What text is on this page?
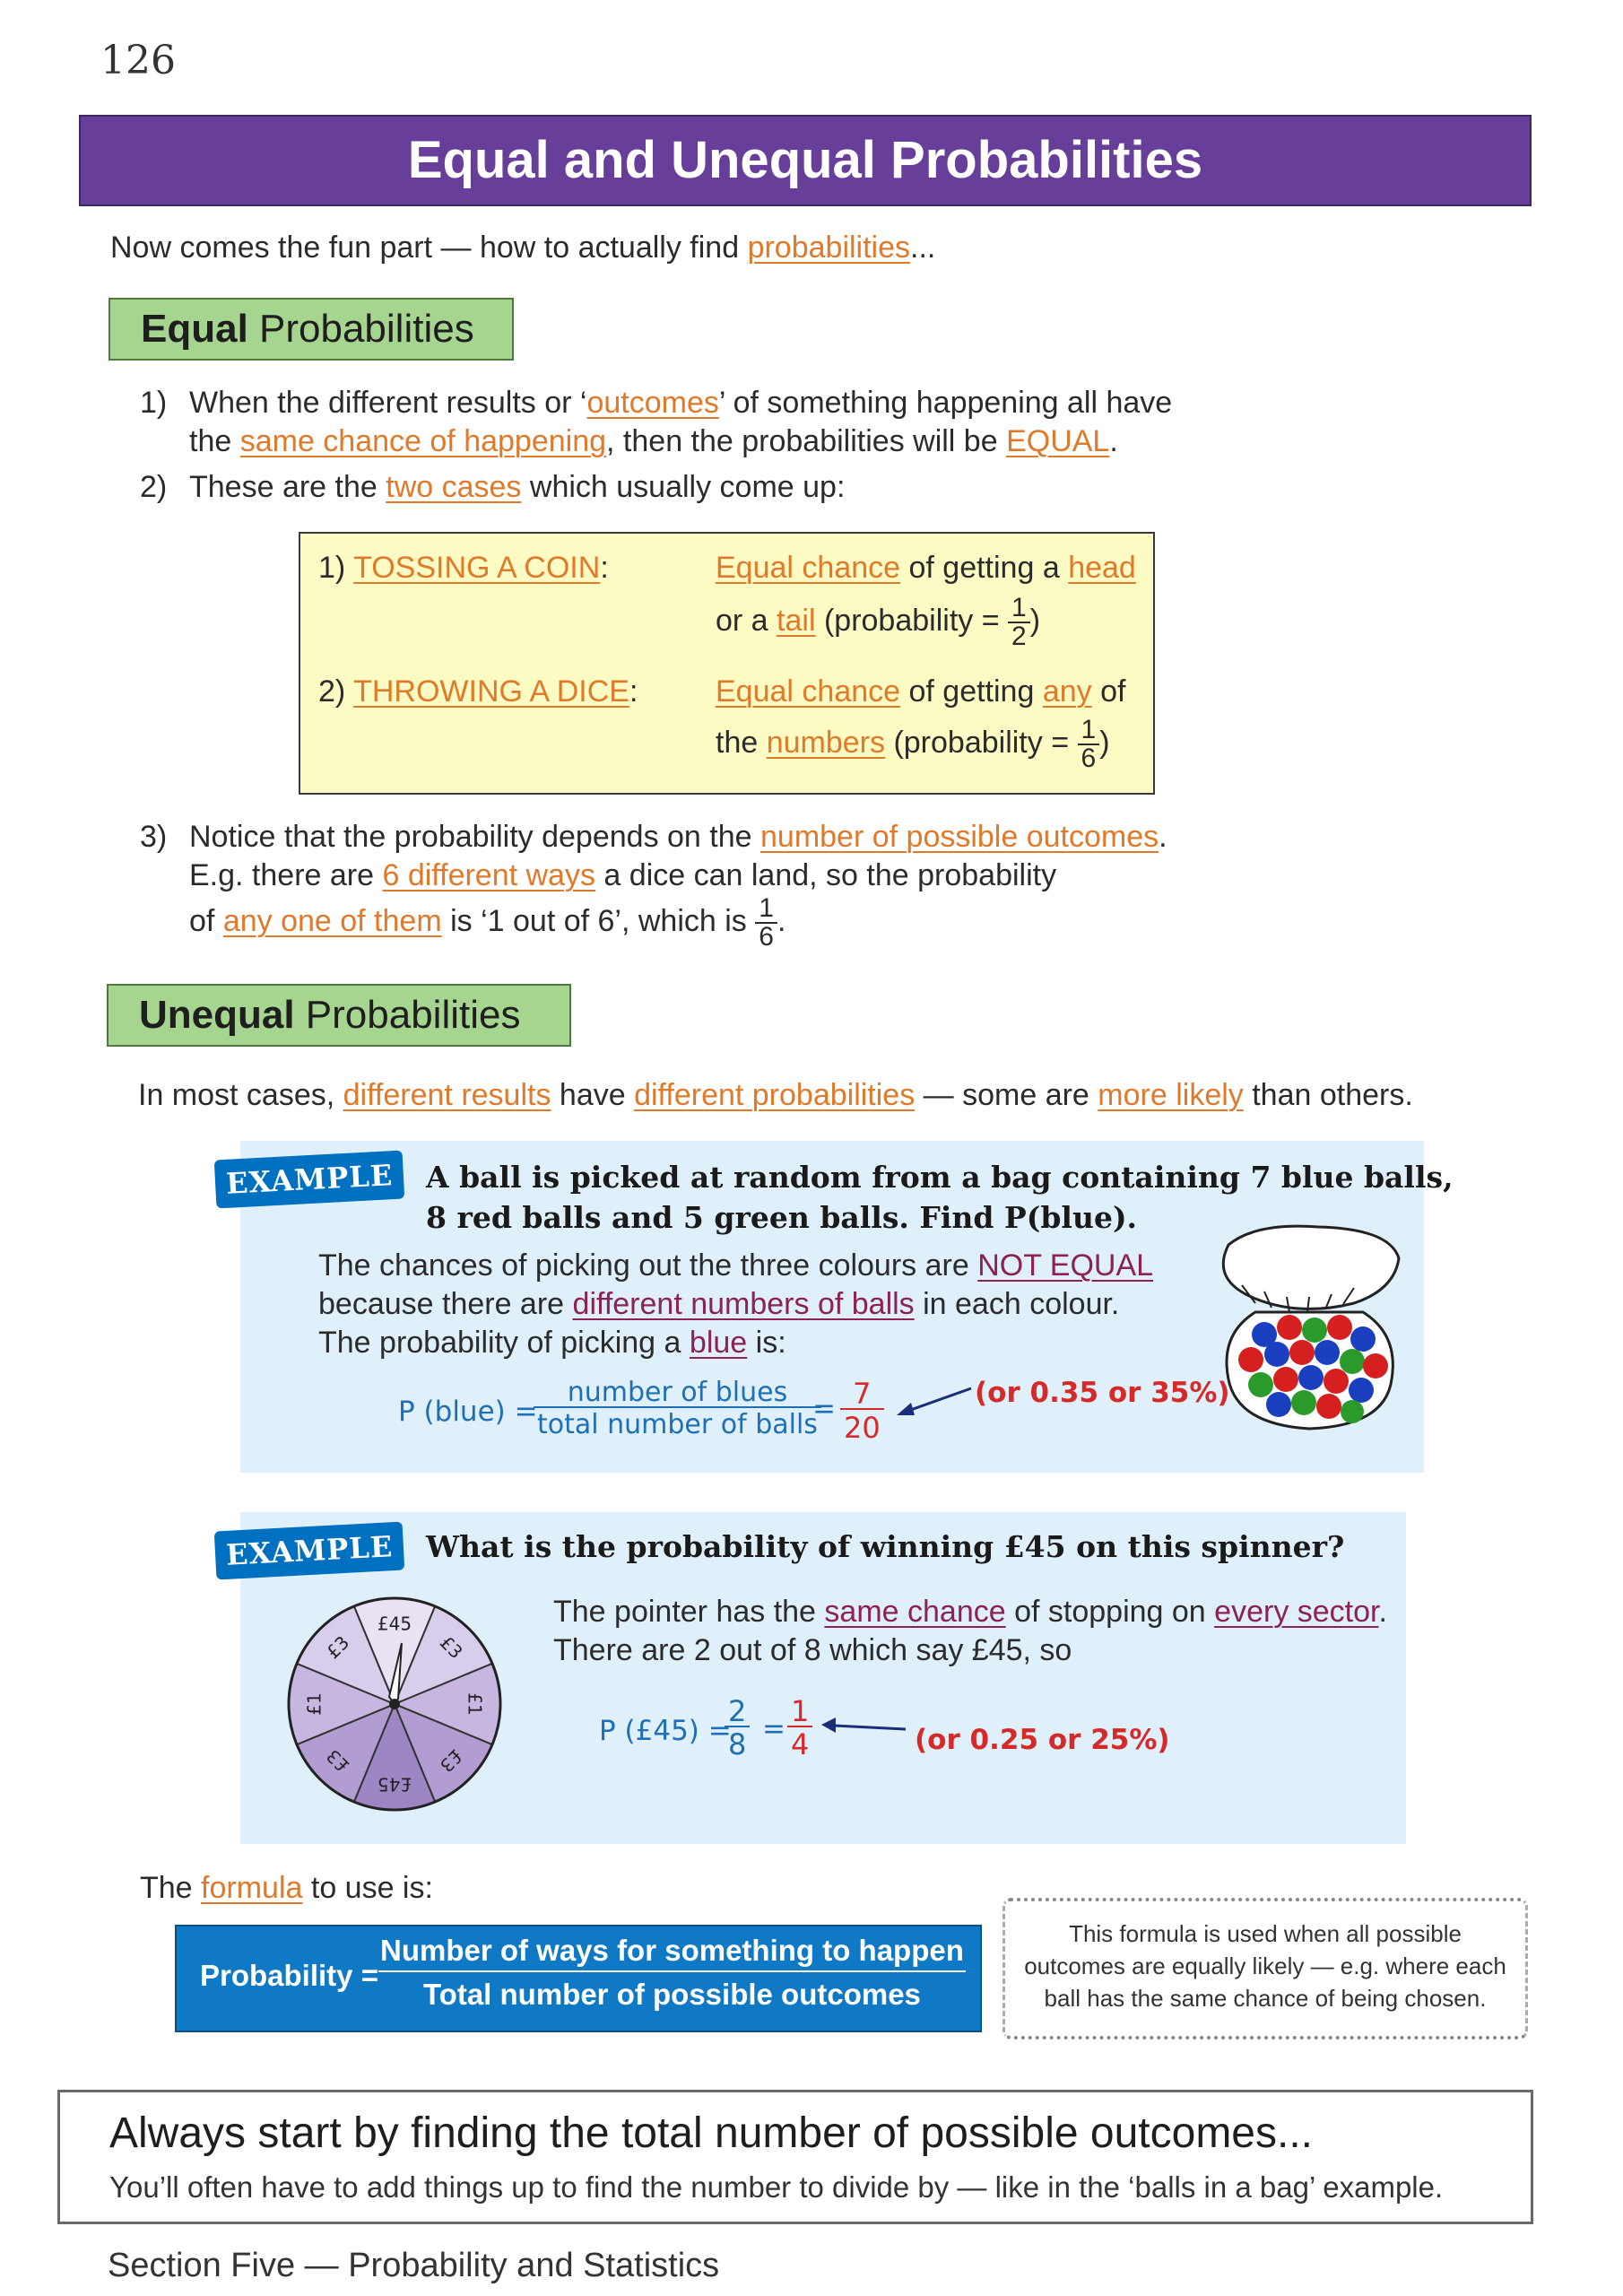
126
Equal and Unequal Probabilities
Now comes the fun part — how to actually find probabilities...
Equal Probabilities
1) When the different results or ‘outcomes’ of something happening all have
the same chance of happening, then the probabilities will be EQUAL.
2) These are the two cases which usually come up:
1) TOSSING A COIN:	Equal chance of getting a head
or a tail (probability = $\frac{1}{2}$ )
2) THROWING A DICE:	Equal chance of getting any of
the numbers (probability = $\frac{1}{6}$ )
3) Notice that the probability depends on the number of possible outcomes.
E.g. there are 6 different ways a dice can land, so the probability
of any one of them is ‘1 out of 6’, which is $\frac{1}{6}$ .
Unequal Probabilities
In most cases, different results have different probabilities — some are more likely than others.
EXAMPLE	A ball is picked at random from a bag containing 7 blue balls,
8 red balls and 5 green balls. Find P(blue).
The chances of picking out the three colours are NOT EQUAL
because there are different numbers of balls in each colour.
The probability of picking a blue is:
P (blue) =
number of blues
total number of balls
= $\frac{7}{20}$	(or 0.35 or 35%)
EXAMPLE	What is the probability of winning £45 on this spinner?
The pointer has the same chance of stopping on every sector.
There are 2 out of 8 which say £45, so
£45
£3
£1
£3
£45
£3
£1
£3
P (£45) =
$\frac{2}{8} = \frac{1}{4}$	(or 0.25 or 25%)
The formula to use is:
Probability =
Number of ways for something to happen
Total number of possible outcomes
This formula is used when all possible
outcomes are equally likely — e.g. where each
ball has the same chance of being chosen.
Always start by finding the total number of possible outcomes...
You’ll often have to add things up to find the number to divide by — like in the ‘balls in a bag’ example.
Section Five — Probability and Statistics
